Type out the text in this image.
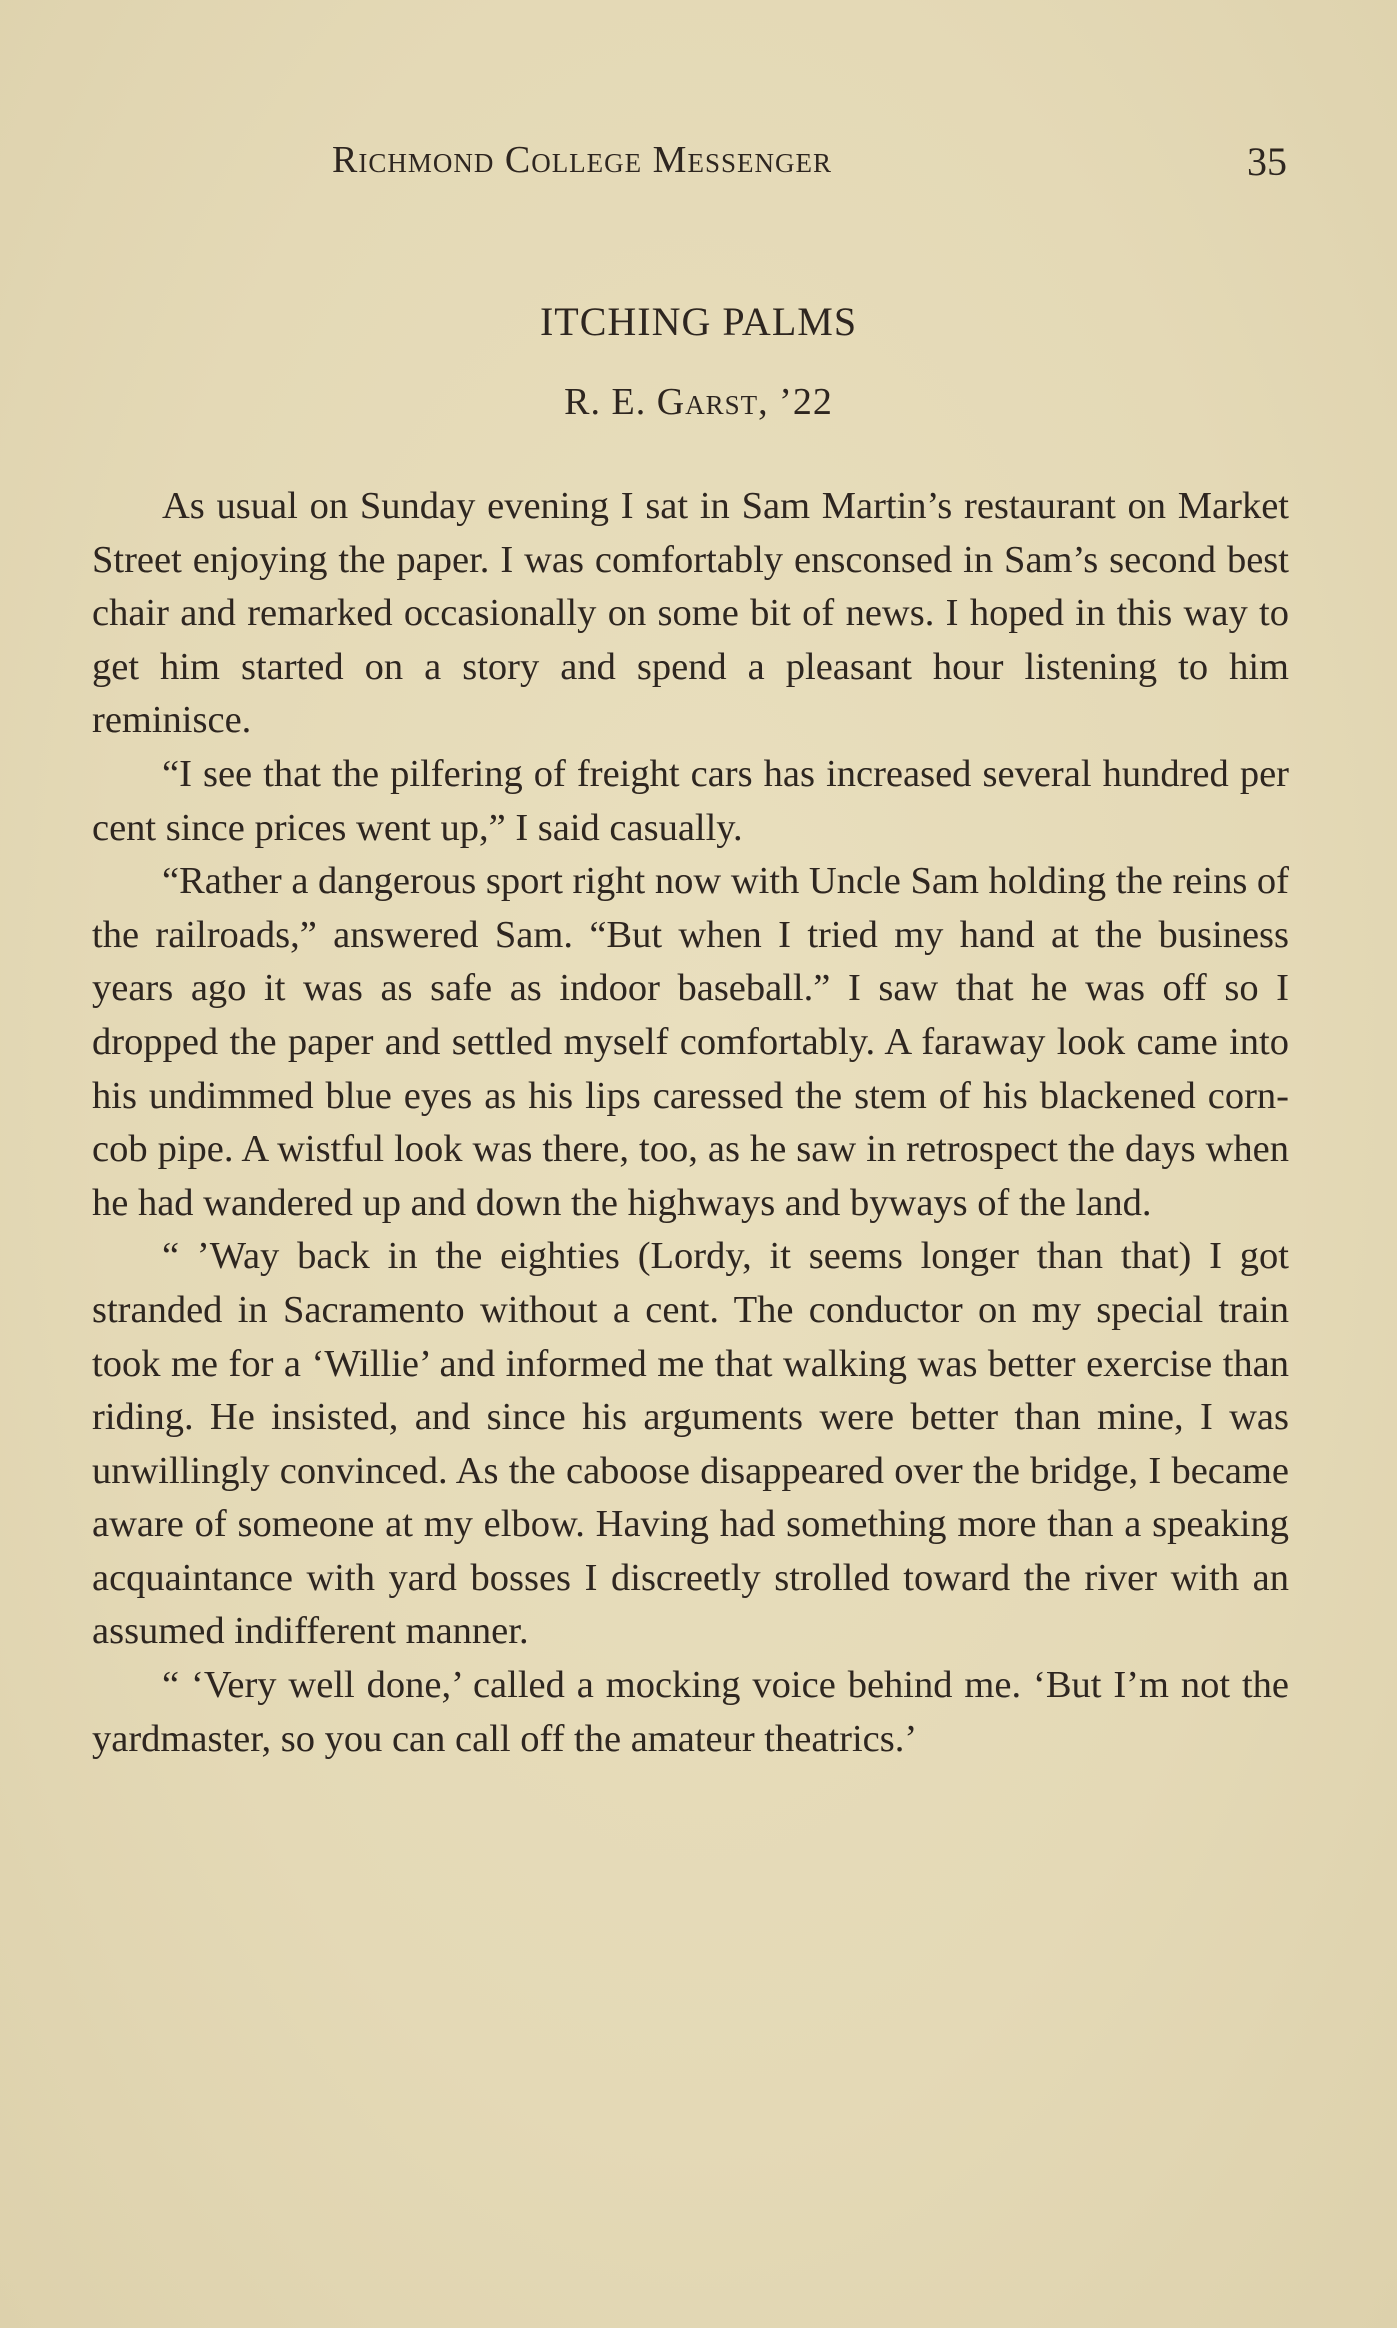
Richmond College Messenger	35
ITCHING PALMS
R. E. Garst, ’22

As usual on Sunday evening I sat in Sam Martin’s restaurant on Market Street enjoying the paper. I was comfortably ensconsed in Sam’s second best chair and remarked occasionally on some bit of news. I hoped in this way to get him started on a story and spend a pleasant hour listening to him reminisce.

“I see that the pilfering of freight cars has increased several hundred per cent since prices went up,” I said casually.

“Rather a dangerous sport right now with Uncle Sam holding the reins of the railroads,” answered Sam. “But when I tried my hand at the business years ago it was as safe as indoor baseball.” I saw that he was off so I dropped the paper and settled myself comfortably. A faraway look came into his undimmed blue eyes as his lips caressed the stem of his blackened corn-cob pipe. A wistful look was there, too, as he saw in retrospect the days when he had wandered up and down the highways and byways of the land.

“ ’Way back in the eighties (Lordy, it seems longer than that) I got stranded in Sacramento without a cent. The conductor on my special train took me for a ‘Willie’ and informed me that walking was better exercise than riding. He insisted, and since his arguments were better than mine, I was unwillingly convinced. As the caboose disappeared over the bridge, I became aware of someone at my elbow. Having had something more than a speaking acquaintance with yard bosses I discreetly strolled toward the river with an assumed indifferent manner.

“ ‘Very well done,’ called a mocking voice behind me. ‘But I’m not the yardmaster, so you can call off the amateur theatrics.’
